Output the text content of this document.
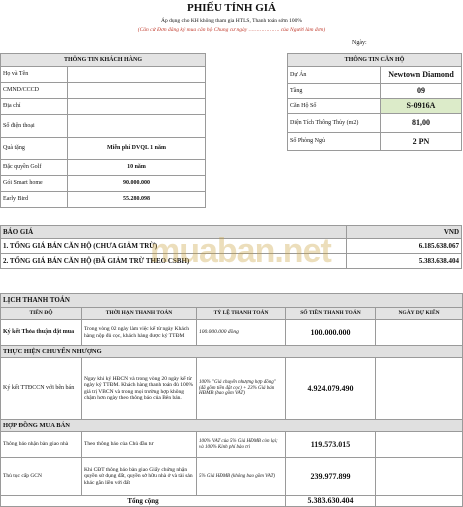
PHIẾU TÍNH GIÁ
Áp dụng cho KH không tham gia HTLS, Thanh toán sớm 100%
(Căn cứ Đơn đăng ký mua căn hộ Chung cư ngày ………………. của Người làm đơn)
Ngày:
THÔNG TIN KHÁCH HÀNG	
Họ và Tên	
CMND/CCCD	
Địa chỉ	
Số điện thoại	
Quà tặng	Miễn phí DVQL 1 năm
Đặc quyền Golf	10 năm
Gói Smart home	90.000.000
Early Bird	55.280.098
THÔNG TIN CĂN HỘ	
Dự Án	Newtown Diamond
Tầng	09
Căn Hộ Số	S-0916A
Diện Tích Thông Thủy (m2)	81,00
Số Phòng Ngủ	2 PN
BÁO GIÁ	VND
1. TỔNG GIÁ BÁN CĂN HỘ (CHƯA GIẢM TRỪ)	6.185.638.067
2. TỔNG GIÁ BÁN CĂN HỘ (ĐÃ GIẢM TRỪ THEO CSBH)	5.383.638.404
muaban.net
LỊCH THANH TOÁN				
TIẾN ĐỘ	THỜI HẠN THANH TOÁN	TỶ LỆ THANH TOÁN	SỐ TIỀN THANH TOÁN	NGÀY DỰ KIẾN
Ký kết Thỏa thuận đặt mua	Trong vòng 02 ngày làm việc kể từ ngày Khách hàng nộp đủ cọc, khách hàng được ký TTĐM	100.000.000 đồng	100.000.000	
THỰC HIỆN CHUYỂN NHƯỢNG				
Ký kết TTĐCCN với bên bán	Ngay khi ký HĐCN và trong vòng 20 ngày kể từ ngày ký TTĐM. Khách hàng thanh toán đủ 100% giá trị VBCN và trong mọi trường hợp không chậm hơn ngày theo thông báo của Bên bán.	100% "Giá chuyển nhượng hợp đồng" (đã gồm tiền đặt cọc) + 23% Giá bán HĐMB (bao gồm VAT)	4.924.079.490	
HỢP ĐỒNG MUA BÁN				
Thông báo nhận bàn giao nhà	Theo thông báo của Chủ đầu tư	100% VAT của 5% Giá HĐMB còn lại; và 100% Kinh phí bảo trì	119.573.015	
Thủ tục cấp GCN	Khi CĐT thông báo bàn giao Giấy chứng nhận quyền sử dụng đất, quyền sở hữu nhà ở và tài sản khác gắn liền với đất	5% Giá HĐMB (không bao gồm VAT)	239.977.899	
Tổng cộng			5.383.630.404	
